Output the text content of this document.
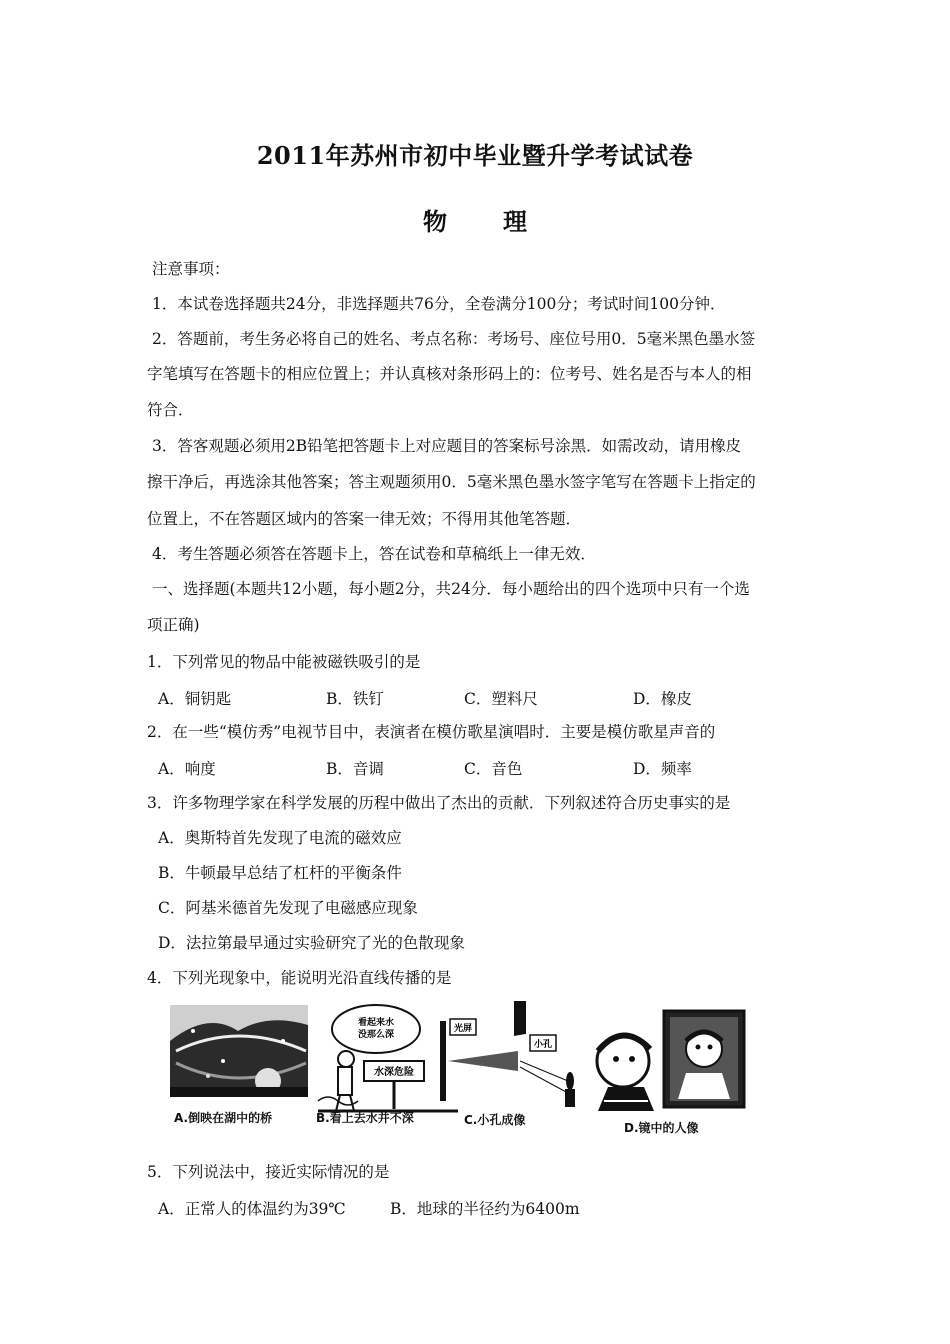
2011年苏州市初中毕业暨升学考试试卷
物　理
注意事项：
1．本试卷选择题共24分，非选择题共76分，全卷满分100分；考试时间100分钟．
2．答题前，考生务必将自己的姓名、考点名称：考场号、座位号用0．5毫米黑色墨水签
字笔填写在答题卡的相应位置上；并认真核对条形码上的：位考号、姓名是否与本人的相
符合．
3．答客观题必须用2B铅笔把答题卡上对应题目的答案标号涂黑．如需改动，请用橡皮
擦干净后，再选涂其他答案；答主观题须用0．5毫米黑色墨水签字笔写在答题卡上指定的
位置上，不在答题区域内的答案一律无效；不得用其他笔答题．
4．考生答题必须答在答题卡上，答在试卷和草稿纸上一律无效．
一、选择题(本题共12小题，每小题2分，共24分．每小题给出的四个选项中只有一个选
项正确)
1．下列常见的物品中能被磁铁吸引的是
A．铜钥匙	B．铁钉	C．塑料尺	D．橡皮
2．在一些“模仿秀”电视节目中，表演者在模仿歌星演唱时．主要是模仿歌星声音的
A．响度	B．音调	C．音色	D．频率
3．许多物理学家在科学发展的历程中做出了杰出的贡献．下列叙述符合历史事实的是
A．奥斯特首先发现了电流的磁效应
B．牛顿最早总结了杠杆的平衡条件
C．阿基米德首先发现了电磁感应现象
D．法拉第最早通过实验研究了光的色散现象
4．下列光现象中，能说明光沿直线传播的是
看起来水
没那么深
水深危险
光屏
小孔
A.倒映在湖中的桥	B.看上去水并不深	C.小孔成像
D.镜中的人像
5．下列说法中，接近实际情况的是
A．正常人的体温约为39℃	B．地球的半径约为6400m
